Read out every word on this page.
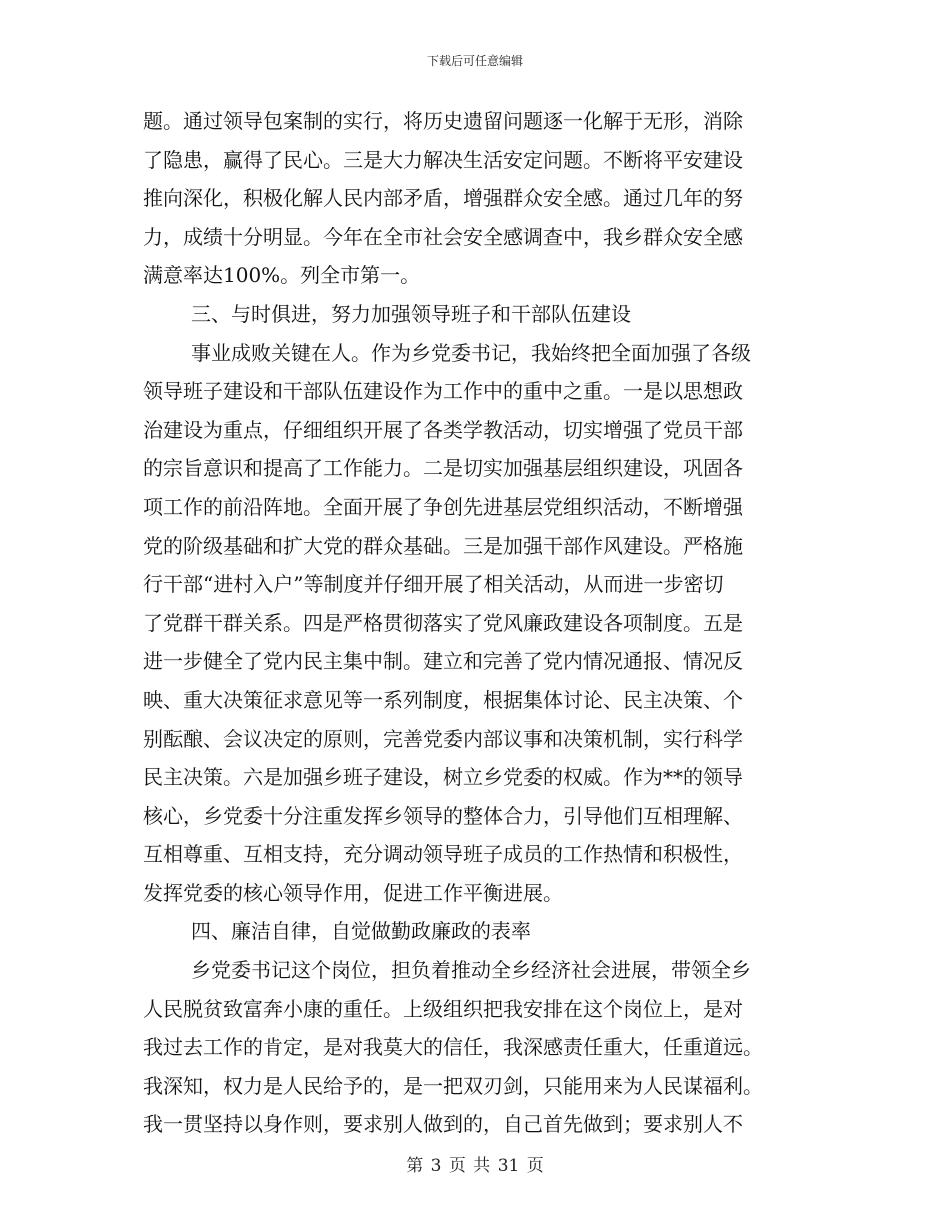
下载后可任意编辑
题。通过领导包案制的实行，将历史遗留问题逐一化解于无形，消除
了隐患，赢得了民心。三是大力解决生活安定问题。不断将平安建设
推向深化，积极化解人民内部矛盾，增强群众安全感。通过几年的努
力，成绩十分明显。今年在全市社会安全感调查中，我乡群众安全感
满意率达100%。列全市第一。
三、与时俱进，努力加强领导班子和干部队伍建设
事业成败关键在人。作为乡党委书记，我始终把全面加强了各级
领导班子建设和干部队伍建设作为工作中的重中之重。一是以思想政
治建设为重点，仔细组织开展了各类学教活动，切实增强了党员干部
的宗旨意识和提高了工作能力。二是切实加强基层组织建设，巩固各
项工作的前沿阵地。全面开展了争创先进基层党组织活动，不断增强
党的阶级基础和扩大党的群众基础。三是加强干部作风建设。严格施
行干部“进村入户”等制度并仔细开展了相关活动，从而进一步密切
了党群干群关系。四是严格贯彻落实了党风廉政建设各项制度。五是
进一步健全了党内民主集中制。建立和完善了党内情况通报、情况反
映、重大决策征求意见等一系列制度，根据集体讨论、民主决策、个
别酝酿、会议决定的原则，完善党委内部议事和决策机制，实行科学
民主决策。六是加强乡班子建设，树立乡党委的权威。作为**的领导
核心，乡党委十分注重发挥乡领导的整体合力，引导他们互相理解、
互相尊重、互相支持，充分调动领导班子成员的工作热情和积极性，
发挥党委的核心领导作用，促进工作平衡进展。
四、廉洁自律，自觉做勤政廉政的表率
乡党委书记这个岗位，担负着推动全乡经济社会进展，带领全乡
人民脱贫致富奔小康的重任。上级组织把我安排在这个岗位上，是对
我过去工作的肯定，是对我莫大的信任，我深感责任重大，任重道远。
我深知，权力是人民给予的，是一把双刃剑，只能用来为人民谋福利。
我一贯坚持以身作则，要求别人做到的，自己首先做到；要求别人不
第 3 页 共 31 页
